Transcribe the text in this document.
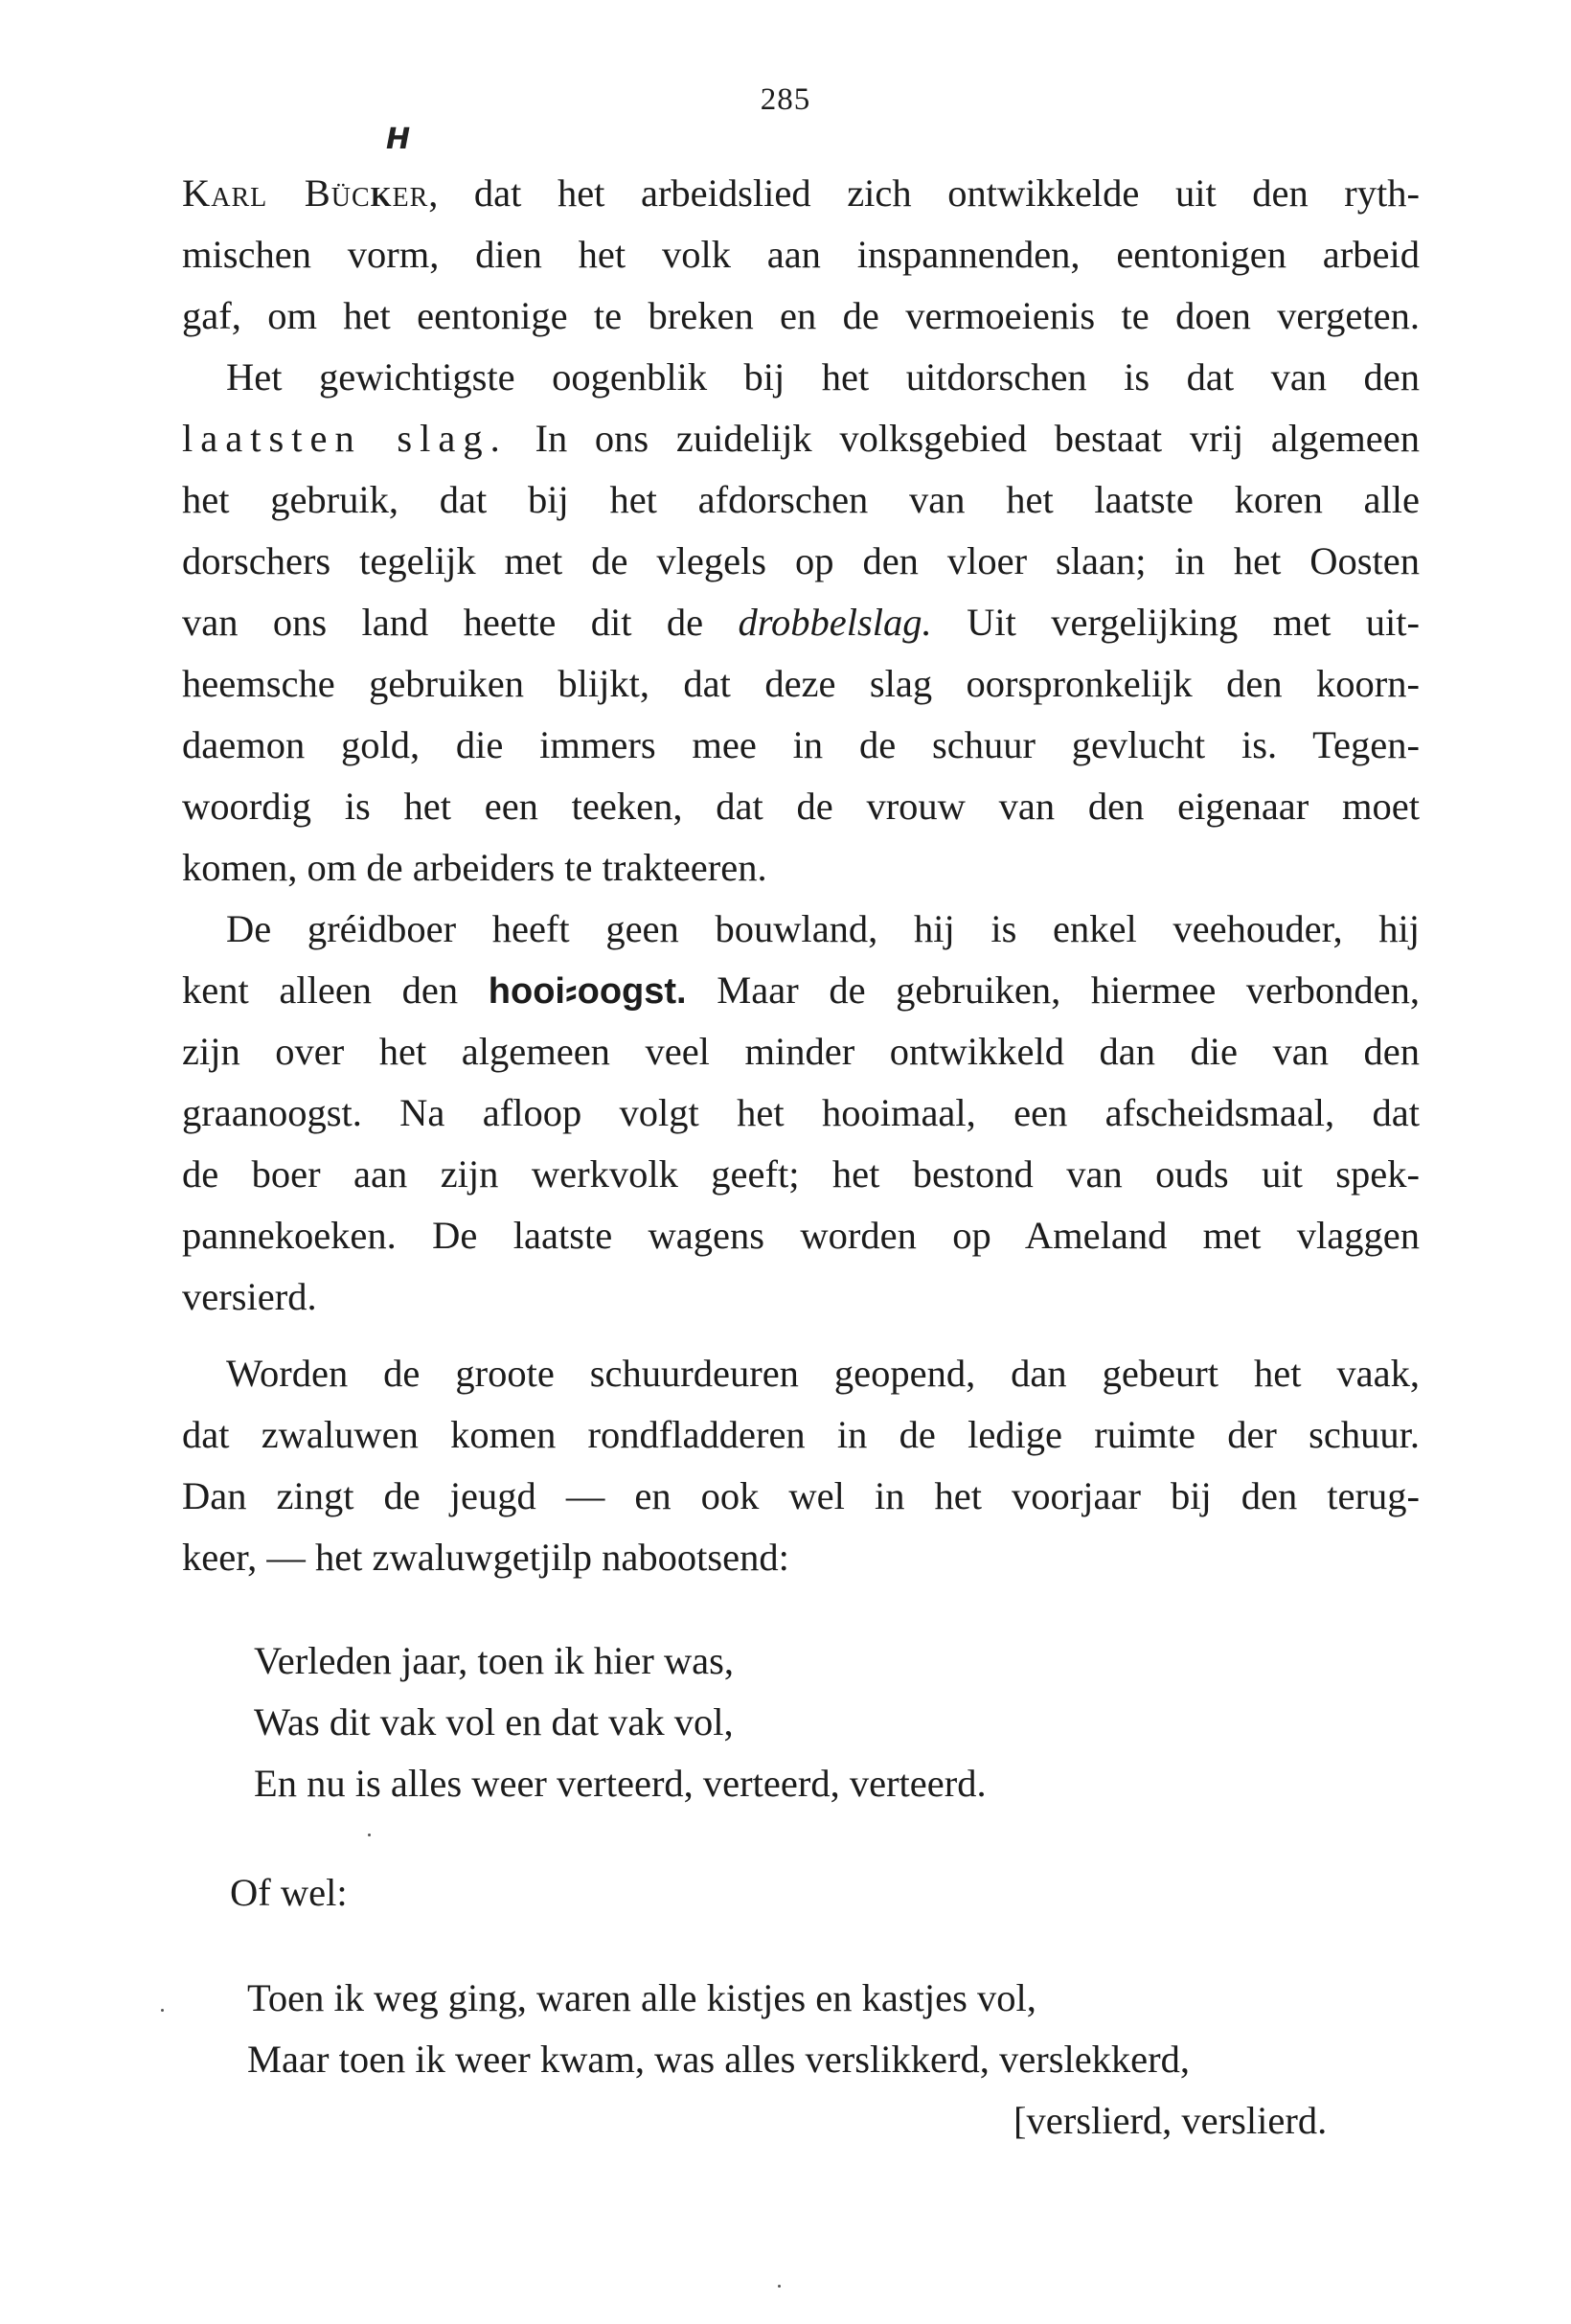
285
H
Karl Bücker, dat het arbeidslied zich ontwikkelde uit den ryth-
mischen vorm, dien het volk aan inspannenden, eentonigen arbeid
gaf, om het eentonige te breken en de vermoeienis te doen vergeten.
Het gewichtigste oogenblik bij het uitdorschen is dat van den
laatsten slag. In ons zuidelijk volksgebied bestaat vrij algemeen
het gebruik, dat bij het afdorschen van het laatste koren alle
dorschers tegelijk met de vlegels op den vloer slaan; in het Oosten
van ons land heette dit de drobbelslag. Uit vergelijking met uit-
heemsche gebruiken blijkt, dat deze slag oorspronkelijk den koorn-
daemon gold, die immers mee in de schuur gevlucht is. Tegen-
woordig is het een teeken, dat de vrouw van den eigenaar moet
komen, om de arbeiders te trakteeren.
De gréidboer heeft geen bouwland, hij is enkel veehouder, hij
kent alleen den hooi⸗oogst. Maar de gebruiken, hiermee verbonden,
zijn over het algemeen veel minder ontwikkeld dan die van den
graanoogst. Na afloop volgt het hooimaal, een afscheidsmaal, dat
de boer aan zijn werkvolk geeft; het bestond van ouds uit spek-
pannekoeken. De laatste wagens worden op Ameland met vlaggen
versierd.
Worden de groote schuurdeuren geopend, dan gebeurt het vaak,
dat zwaluwen komen rondfladderen in de ledige ruimte der schuur.
Dan zingt de jeugd — en ook wel in het voorjaar bij den terug-
keer, — het zwaluwgetjilp nabootsend:
Verleden jaar, toen ik hier was,
Was dit vak vol en dat vak vol,
En nu is alles weer verteerd, verteerd, verteerd.
Of wel:
Toen ik weg ging, waren alle kistjes en kastjes vol,
Maar toen ik weer kwam, was alles verslikkerd, verslekkerd,
[verslierd, verslierd.
